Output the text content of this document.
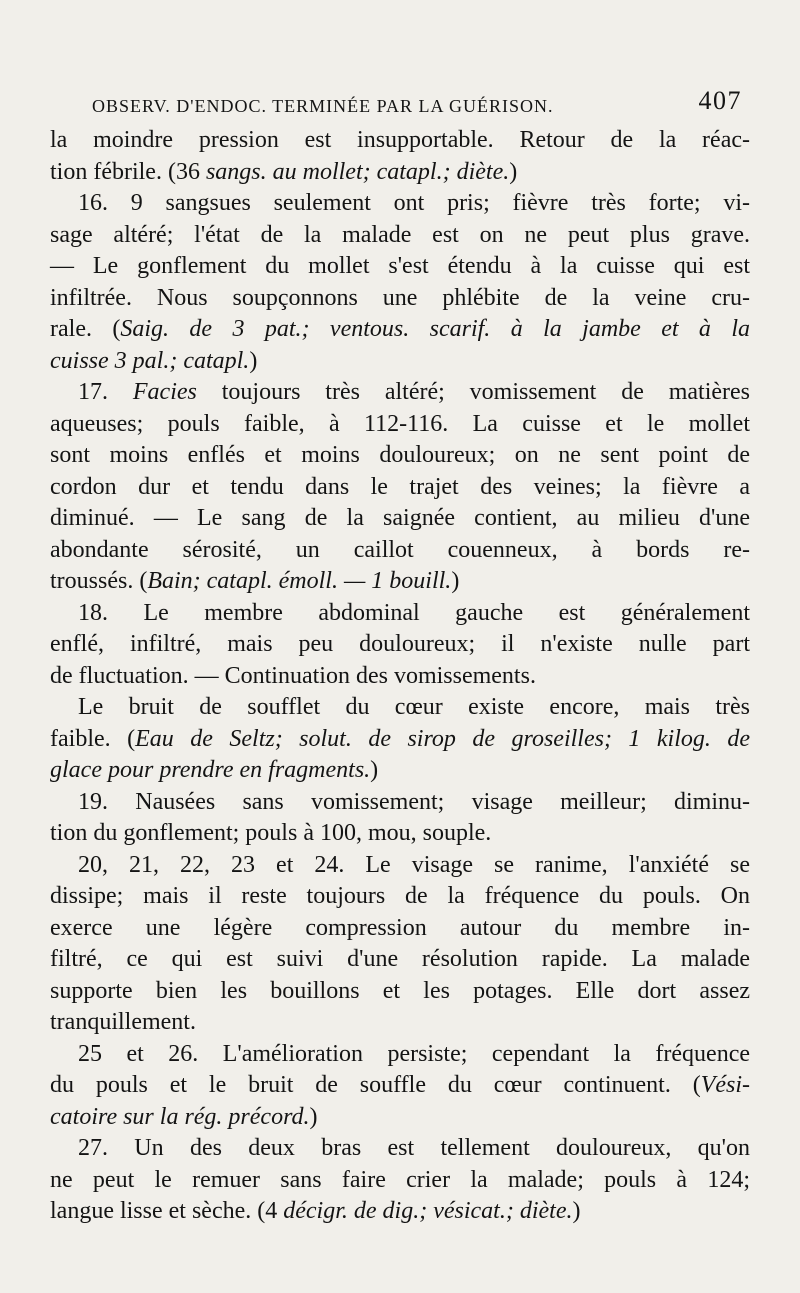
OBSERV. D'ENDOC. TERMINÉE PAR LA GUÉRISON.	407
la moindre pression est insupportable. Retour de la réac-
tion fébrile. (36 sangs. au mollet; catapl.; diète.)
16. 9 sangsues seulement ont pris; fièvre très forte; vi-
sage altéré; l'état de la malade est on ne peut plus grave.
— Le gonflement du mollet s'est étendu à la cuisse qui est
infiltrée. Nous soupçonnons une phlébite de la veine cru-
rale. (Saig. de 3 pat.; ventous. scarif. à la jambe et à la
cuisse 3 pal.; catapl.)
17. Facies toujours très altéré; vomissement de matières
aqueuses; pouls faible, à 112-116. La cuisse et le mollet
sont moins enflés et moins douloureux; on ne sent point de
cordon dur et tendu dans le trajet des veines; la fièvre a
diminué. — Le sang de la saignée contient, au milieu d'une
abondante sérosité, un caillot couenneux, à bords re-
troussés. (Bain; catapl. émoll. — 1 bouill.)
18. Le membre abdominal gauche est généralement
enflé, infiltré, mais peu douloureux; il n'existe nulle part
de fluctuation. — Continuation des vomissements.
Le bruit de soufflet du cœur existe encore, mais très
faible. (Eau de Seltz; solut. de sirop de groseilles; 1 kilog. de
glace pour prendre en fragments.)
19. Nausées sans vomissement; visage meilleur; diminu-
tion du gonflement; pouls à 100, mou, souple.
20, 21, 22, 23 et 24. Le visage se ranime, l'anxiété se
dissipe; mais il reste toujours de la fréquence du pouls. On
exerce une légère compression autour du membre in-
filtré, ce qui est suivi d'une résolution rapide. La malade
supporte bien les bouillons et les potages. Elle dort assez
tranquillement.
25 et 26. L'amélioration persiste; cependant la fréquence
du pouls et le bruit de souffle du cœur continuent. (Vési-
catoire sur la rég. précord.)
27. Un des deux bras est tellement douloureux, qu'on
ne peut le remuer sans faire crier la malade; pouls à 124;
langue lisse et sèche. (4 décigr. de dig.; vésicat.; diète.)
